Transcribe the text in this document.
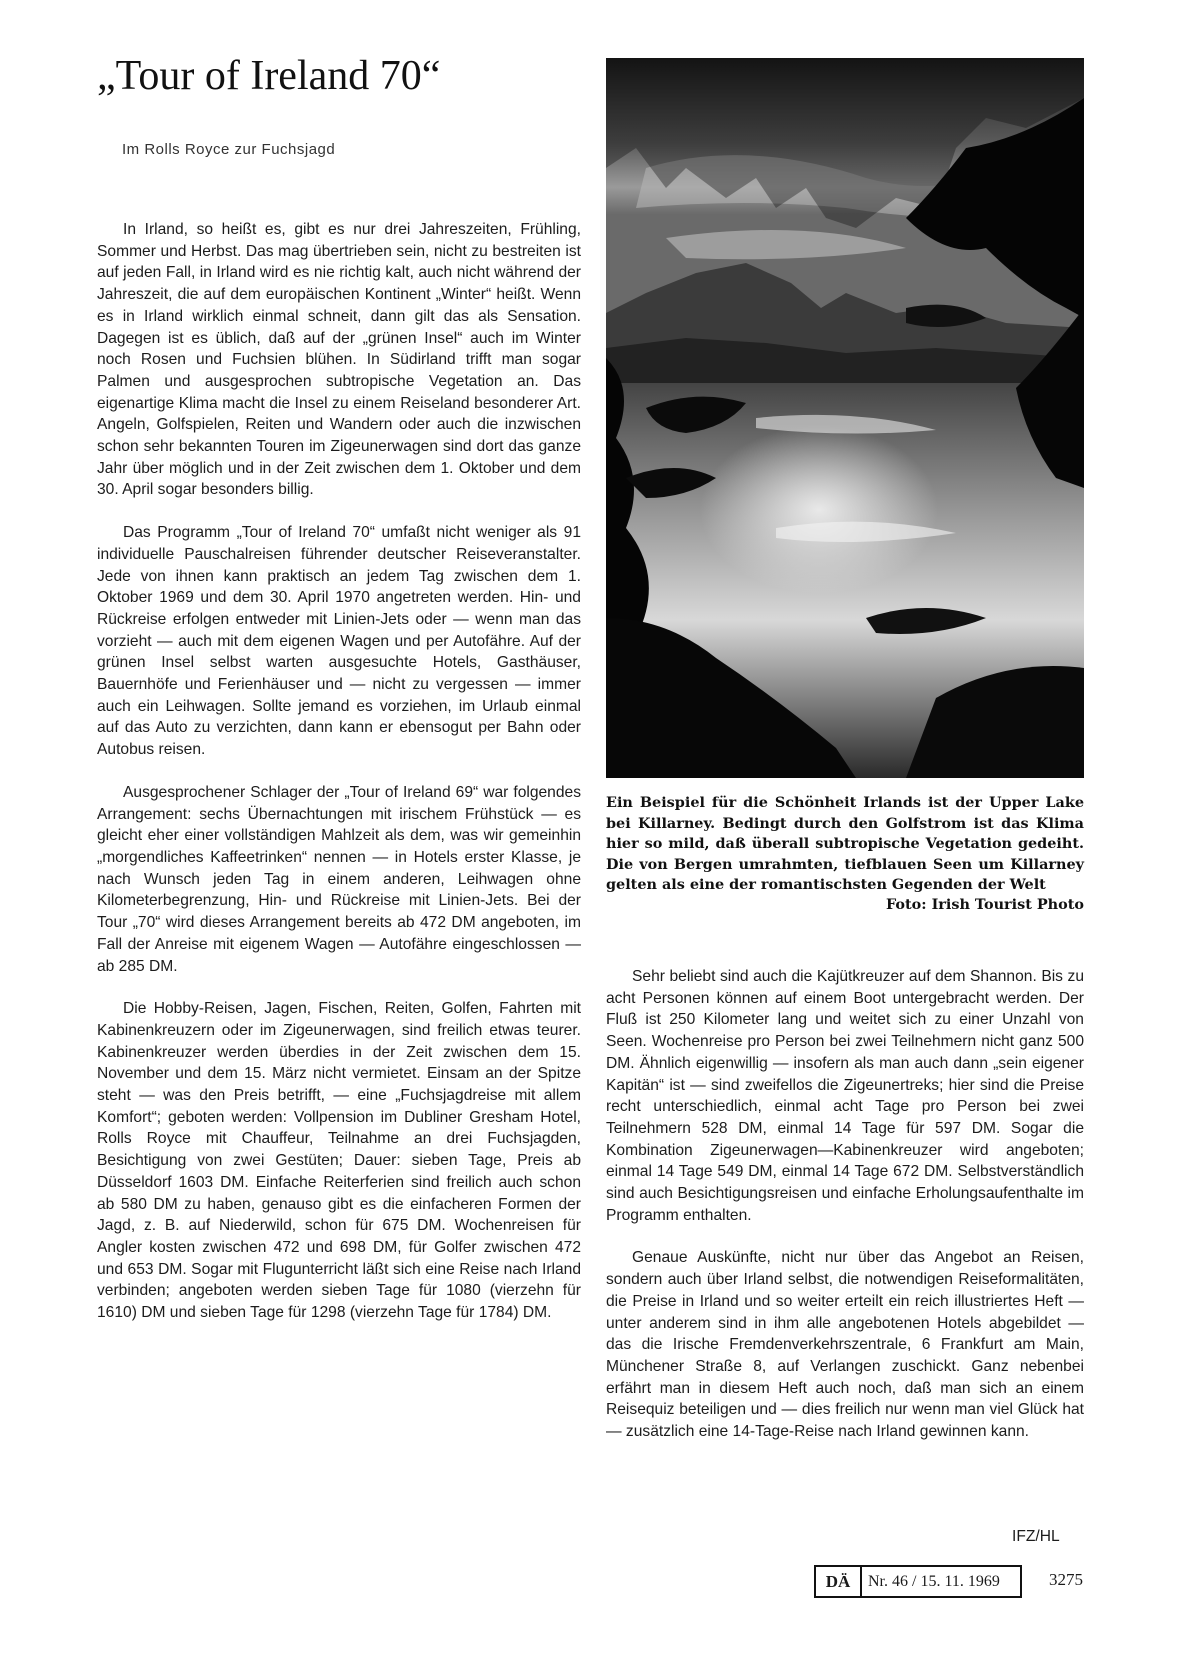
„Tour of Ireland 70“

Im Rolls Royce zur Fuchsjagd

In Irland, so heißt es, gibt es nur drei Jahreszeiten, Frühling, Sommer und Herbst. Das mag übertrieben sein, nicht zu bestreiten ist auf jeden Fall, in Irland wird es nie richtig kalt, auch nicht während der Jahreszeit, die auf dem europäischen Kontinent „Winter“ heißt. Wenn es in Irland wirklich einmal schneit, dann gilt das als Sensation. Dagegen ist es üblich, daß auf der „grünen Insel“ auch im Winter noch Rosen und Fuchsien blühen. In Südirland trifft man sogar Palmen und ausgesprochen subtropische Vegetation an. Das eigenartige Klima macht die Insel zu einem Reiseland besonderer Art. Angeln, Golfspielen, Reiten und Wandern oder auch die inzwischen schon sehr bekannten Touren im Zigeunerwagen sind dort das ganze Jahr über möglich und in der Zeit zwischen dem 1. Oktober und dem 30. April sogar besonders billig.

Das Programm „Tour of Ireland 70“ umfaßt nicht weniger als 91 individuelle Pauschalreisen führender deutscher Reiseveranstalter. Jede von ihnen kann praktisch an jedem Tag zwischen dem 1. Oktober 1969 und dem 30. April 1970 angetreten werden. Hin- und Rückreise erfolgen entweder mit Linien-Jets oder — wenn man das vorzieht — auch mit dem eigenen Wagen und per Autofähre. Auf der grünen Insel selbst warten ausgesuchte Hotels, Gasthäuser, Bauernhöfe und Ferienhäuser und — nicht zu vergessen — immer auch ein Leihwagen. Sollte jemand es vorziehen, im Urlaub einmal auf das Auto zu verzichten, dann kann er ebensogut per Bahn oder Autobus reisen.

Ausgesprochener Schlager der „Tour of Ireland 69“ war folgendes Arrangement: sechs Übernachtungen mit irischem Frühstück — es gleicht eher einer vollständigen Mahlzeit als dem, was wir gemeinhin „morgendliches Kaffeetrinken“ nennen — in Hotels erster Klasse, je nach Wunsch jeden Tag in einem anderen, Leihwagen ohne Kilometerbegrenzung, Hin- und Rückreise mit Linien-Jets. Bei der Tour „70“ wird dieses Arrangement bereits ab 472 DM angeboten, im Fall der Anreise mit eigenem Wagen — Autofähre eingeschlossen — ab 285 DM.

Die Hobby-Reisen, Jagen, Fischen, Reiten, Golfen, Fahrten mit Kabinenkreuzern oder im Zigeunerwagen, sind freilich etwas teurer. Kabinenkreuzer werden überdies in der Zeit zwischen dem 15. November und dem 15. März nicht vermietet. Einsam an der Spitze steht — was den Preis betrifft, — eine „Fuchsjagdreise mit allem Komfort“; geboten werden: Vollpension im Dubliner Gresham Hotel, Rolls Royce mit Chauffeur, Teilnahme an drei Fuchsjagden, Besichtigung von zwei Gestüten; Dauer: sieben Tage, Preis ab Düsseldorf 1603 DM. Einfache Reiterferien sind freilich auch schon ab 580 DM zu haben, genauso gibt es die einfacheren Formen der Jagd, z. B. auf Niederwild, schon für 675 DM. Wochenreisen für Angler kosten zwischen 472 und 698 DM, für Golfer zwischen 472 und 653 DM. Sogar mit Flugunterricht läßt sich eine Reise nach Irland verbinden; angeboten werden sieben Tage für 1080 (vierzehn für 1610) DM und sieben Tage für 1298 (vierzehn Tage für 1784) DM.

Ein Beispiel für die Schönheit Irlands ist der Upper Lake bei Killarney. Bedingt durch den Golfstrom ist das Klima hier so mild, daß überall subtropische Vegetation gedeiht. Die von Bergen umrahmten, tiefblauen Seen um Killarney gelten als eine der romantischsten Gegenden der Welt

Foto: Irish Tourist Photo

Sehr beliebt sind auch die Kajütkreuzer auf dem Shannon. Bis zu acht Personen können auf einem Boot untergebracht werden. Der Fluß ist 250 Kilometer lang und weitet sich zu einer Unzahl von Seen. Wochenreise pro Person bei zwei Teilnehmern nicht ganz 500 DM. Ähnlich eigenwillig — insofern als man auch dann „sein eigener Kapitän“ ist — sind zweifellos die Zigeunertreks; hier sind die Preise recht unterschiedlich, einmal acht Tage pro Person bei zwei Teilnehmern 528 DM, einmal 14 Tage für 597 DM. Sogar die Kombination Zigeunerwagen—Kabinenkreuzer wird angeboten; einmal 14 Tage 549 DM, einmal 14 Tage 672 DM. Selbstverständlich sind auch Besichtigungsreisen und einfache Erholungsaufenthalte im Programm enthalten.

Genaue Auskünfte, nicht nur über das Angebot an Reisen, sondern auch über Irland selbst, die notwendigen Reiseformalitäten, die Preise in Irland und so weiter erteilt ein reich illustriertes Heft — unter anderem sind in ihm alle angebotenen Hotels abgebildet — das die Irische Fremdenverkehrszentrale, 6 Frankfurt am Main, Münchener Straße 8, auf Verlangen zuschickt. Ganz nebenbei erfährt man in diesem Heft auch noch, daß man sich an einem Reisequiz beteiligen und — dies freilich nur wenn man viel Glück hat — zusätzlich eine 14-Tage-Reise nach Irland gewinnen kann.

IFZ/HL
DÄ	Nr. 46 / 15. 11. 1969	3275
